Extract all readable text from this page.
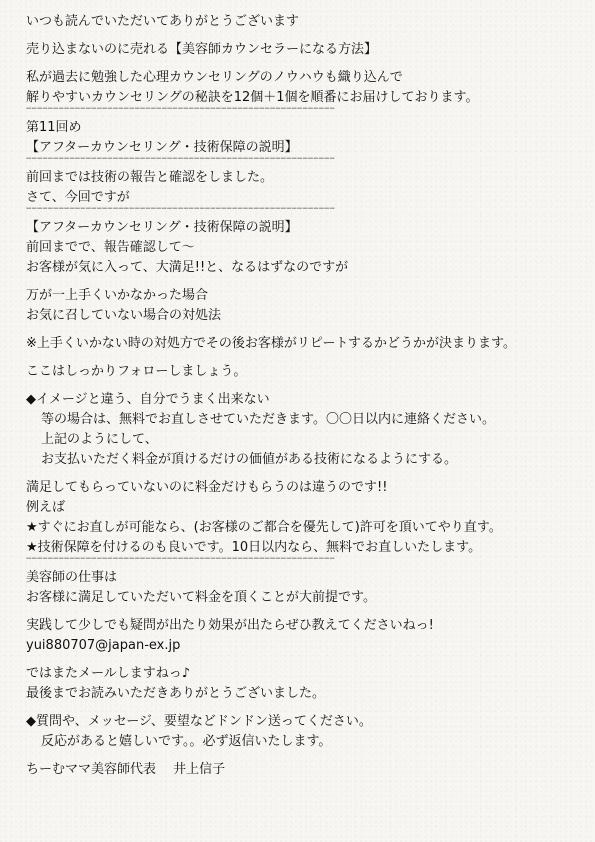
いつも読んでいただいてありがとうございます

売り込まないのに売れる【美容師カウンセラーになる方法】

私が過去に勉強した心理カウンセリングのノウハウも織り込んで
解りやすいカウンセリングの秘訣を12個＋1個を順番にお届けしております。

−−−−−−−−−−−−−−−−−−−−−−−−−−−−−−−−−−−−−−−−−−−−−−−−−−−−−−−−−

第11回め
【アフターカウンセリング・技術保障の説明】

−−−−−−−−−−−−−−−−−−−−−−−−−−−−−−−−−−−−−−−−−−−−−−−−−−−−−−−−−

前回までは技術の報告と確認をしました。
さて、今回ですが

−−−−−−−−−−−−−−−−−−−−−−−−−−−−−−−−−−−−−−−−−−−−−−−−−−−−−−−−−

【アフターカウンセリング・技術保障の説明】
前回までで、報告確認して〜
お客様が気に入って、大満足!!と、なるはずなのですが

万が一上手くいかなかった場合
お気に召していない場合の対処法

※上手くいかない時の対処方でその後お客様がリピートするかどうかが決まります。

ここはしっかりフォローしましょう。

◆イメージと違う、自分でうまく出来ない
等の場合は、無料でお直しさせていただきます。〇〇日以内に連絡ください。
上記のようにして、
お支払いただく料金が頂けるだけの価値がある技術になるようにする。

満足してもらっていないのに料金だけもらうのは違うのです!!
例えば
★すぐにお直しが可能なら、(お客様のご都合を優先して)許可を頂いてやり直す。
★技術保障を付けるのも良いです。10日以内なら、無料でお直しいたします。

−−−−−−−−−−−−−−−−−−−−−−−−−−−−−−−−−−−−−−−−−−−−−−−−−−−−−−−−−

美容師の仕事は
お客様に満足していただいて料金を頂くことが大前提です。

実践して少しでも疑問が出たり効果が出たらぜひ教えてくださいねっ!
yui880707@japan-ex.jp

ではまたメールしますねっ♪
最後までお読みいただきありがとうございました。

◆質問や、メッセージ、要望などドンドン送ってください。
反応があると嬉しいです。。必ず返信いたします。

ちーむママ美容師代表　 井上信子
